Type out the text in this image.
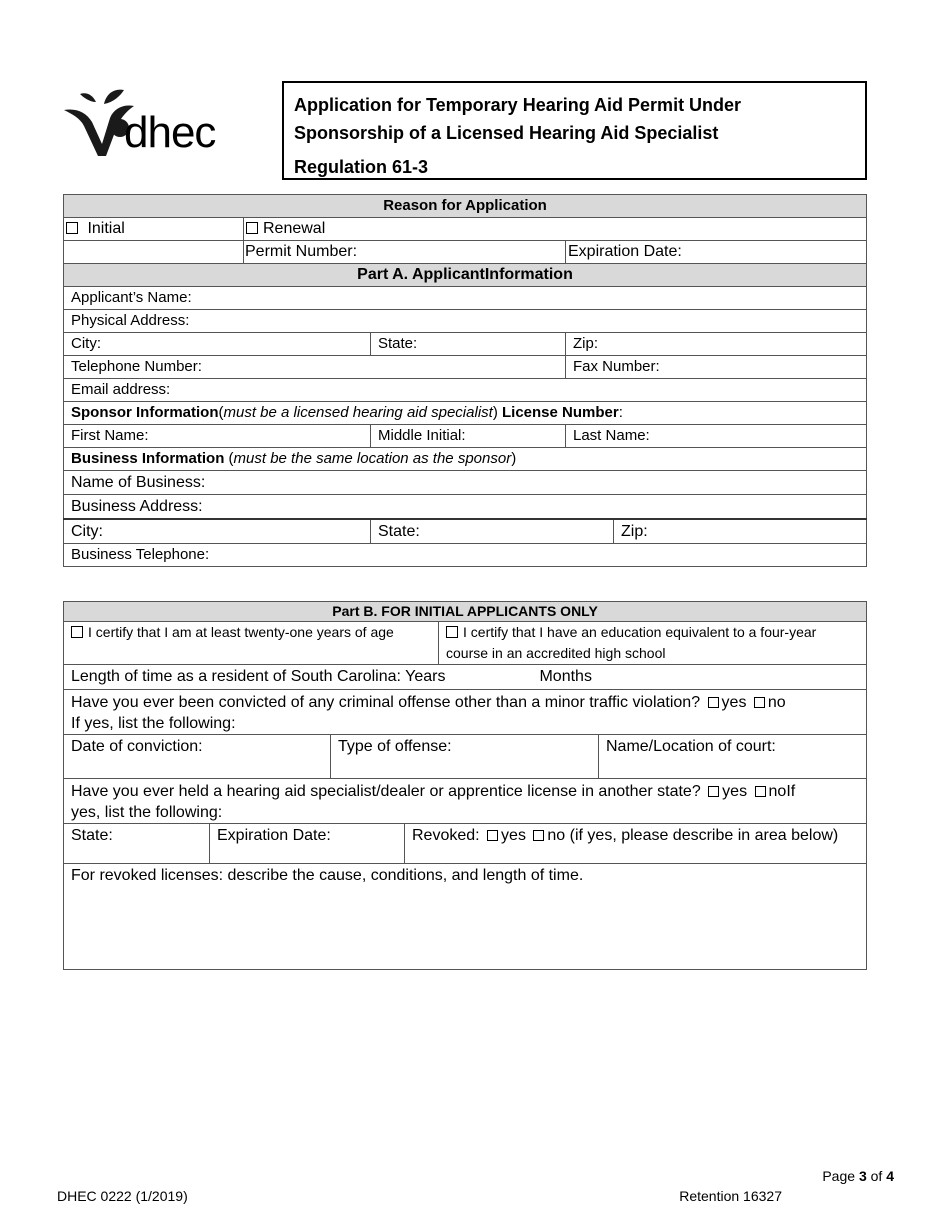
dhec
Application for Temporary Hearing Aid Permit Under
Sponsorship of a Licensed Hearing Aid Specialist
Regulation 61-3
Reason for Application				
Initial	Renewal			
	Permit Number:		Expiration Date:	
Part A. ApplicantInformation				
Applicant’s Name:				
Physical Address:				
City:		State:	Zip:	
Telephone Number:			Fax Number:	
Email address:				
Sponsor Information(must be a licensed hearing aid specialist) License Number:				
First Name:		Middle Initial:	Last Name:	
Business Information (must be the same location as the sponsor)				
Name of Business:				
Business Address:				
City:		State:		Zip:
Business Telephone:				
Part B. FOR INITIAL APPLICANTS ONLY					
I certify that I am at least twenty-one years of age				I certify that I have an education equivalent to a four-year course in an accredited high school	
Length of time as a resident of South Carolina: Years Months					
Have you ever been convicted of any criminal offense other than a minor traffic violation? yes no
If yes, list the following:					
Date of conviction:		Type of offense:			Name/Location of court:
Have you ever held a hearing aid specialist/dealer or apprentice license in another state? yes noIf
yes, list the following:					
State:	Expiration Date:		Revoked: yes no (if yes, please describe in area below)		
For revoked licenses: describe the cause, conditions, and length of time.					
Page 3 of 4
DHEC 0222 (1/2019)	Retention 16327
